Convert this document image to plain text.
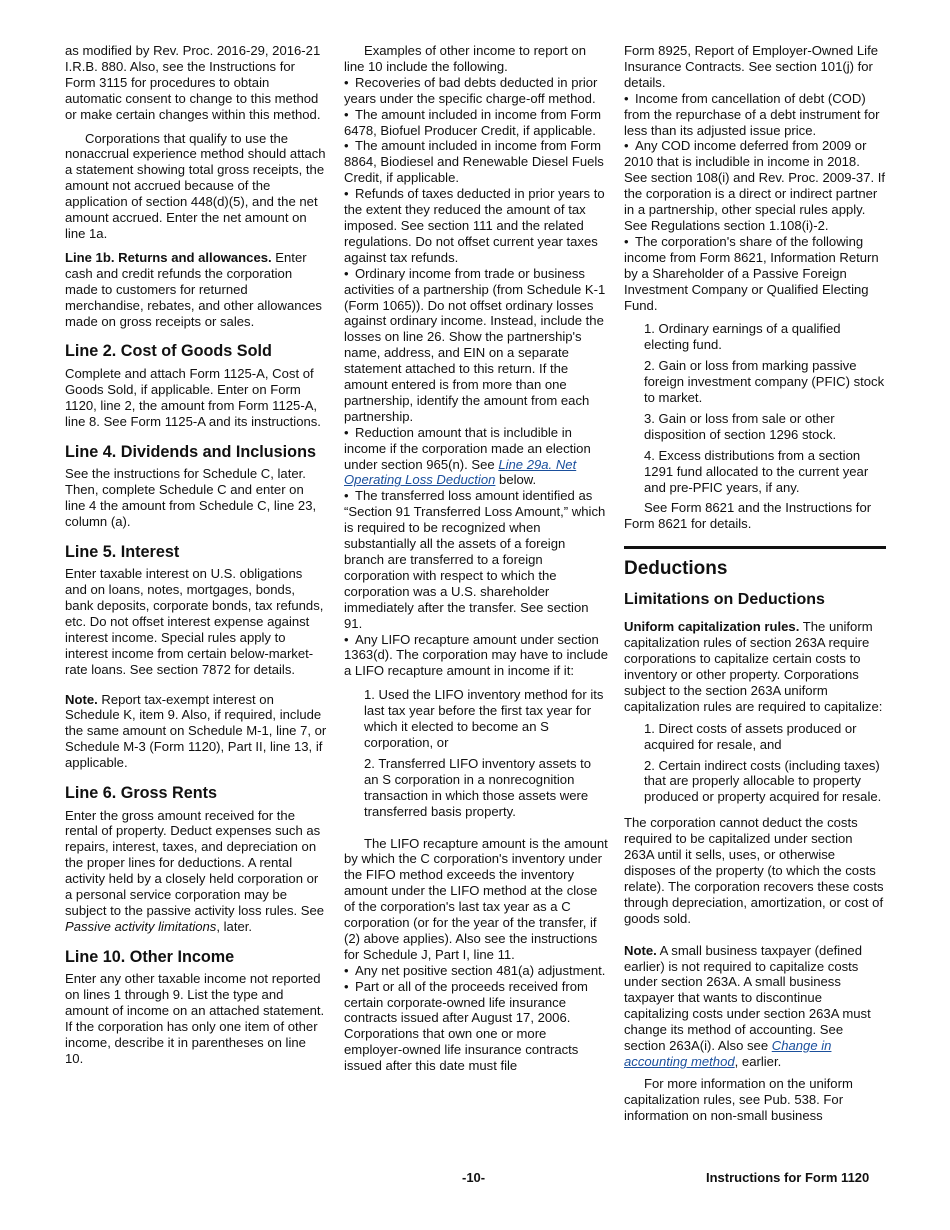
as modified by Rev. Proc. 2016-29, 2016-21 I.R.B. 880. Also, see the Instructions for Form 3115 for procedures to obtain automatic consent to change to this method or make certain changes within this method.

Corporations that qualify to use the nonaccrual experience method should attach a statement showing total gross receipts, the amount not accrued because of the application of section 448(d)(5), and the net amount accrued. Enter the net amount on line 1a.

Line 1b. Returns and allowances. Enter cash and credit refunds the corporation made to customers for returned merchandise, rebates, and other allowances made on gross receipts or sales.

Line 2. Cost of Goods Sold

Complete and attach Form 1125-A, Cost of Goods Sold, if applicable. Enter on Form 1120, line 2, the amount from Form 1125-A, line 8. See Form 1125-A and its instructions.

Line 4. Dividends and Inclusions

See the instructions for Schedule C, later. Then, complete Schedule C and enter on line 4 the amount from Schedule C, line 23, column (a).

Line 5. Interest

Enter taxable interest on U.S. obligations and on loans, notes, mortgages, bonds, bank deposits, corporate bonds, tax refunds, etc. Do not offset interest expense against interest income. Special rules apply to interest income from certain below-market-rate loans. See section 7872 for details.

Note. Report tax-exempt interest on Schedule K, item 9. Also, if required, include the same amount on Schedule M-1, line 7, or Schedule M-3 (Form 1120), Part II, line 13, if applicable.

Line 6. Gross Rents

Enter the gross amount received for the rental of property. Deduct expenses such as repairs, interest, taxes, and depreciation on the proper lines for deductions. A rental activity held by a closely held corporation or a personal service corporation may be subject to the passive activity loss rules. See Passive activity limitations, later.

Line 10. Other Income

Enter any other taxable income not reported on lines 1 through 9. List the type and amount of income on an attached statement. If the corporation has only one item of other income, describe it in parentheses on line 10.

Examples of other income to report on line 10 include the following.

• Recoveries of bad debts deducted in prior years under the specific charge-off method.

• The amount included in income from Form 6478, Biofuel Producer Credit, if applicable.

• The amount included in income from Form 8864, Biodiesel and Renewable Diesel Fuels Credit, if applicable.

• Refunds of taxes deducted in prior years to the extent they reduced the amount of tax imposed. See section 111 and the related regulations. Do not offset current year taxes against tax refunds.

• Ordinary income from trade or business activities of a partnership (from Schedule K-1 (Form 1065)). Do not offset ordinary losses against ordinary income. Instead, include the losses on line 26. Show the partnership's name, address, and EIN on a separate statement attached to this return. If the amount entered is from more than one partnership, identify the amount from each partnership.

• Reduction amount that is includible in income if the corporation made an election under section 965(n). See Line 29a. Net Operating Loss Deduction below.

• The transferred loss amount identified as “Section 91 Transferred Loss Amount,” which is required to be recognized when substantially all the assets of a foreign branch are transferred to a foreign corporation with respect to which the corporation was a U.S. shareholder immediately after the transfer. See section 91.

• Any LIFO recapture amount under section 1363(d). The corporation may have to include a LIFO recapture amount in income if it:

1. Used the LIFO inventory method for its last tax year before the first tax year for which it elected to become an S corporation, or

2. Transferred LIFO inventory assets to an S corporation in a nonrecognition transaction in which those assets were transferred basis property.

The LIFO recapture amount is the amount by which the C corporation's inventory under the FIFO method exceeds the inventory amount under the LIFO method at the close of the corporation's last tax year as a C corporation (or for the year of the transfer, if (2) above applies). Also see the instructions for Schedule J, Part I, line 11.

• Any net positive section 481(a) adjustment.

• Part or all of the proceeds received from certain corporate-owned life insurance contracts issued after August 17, 2006. Corporations that own one or more employer-owned life insurance contracts issued after this date must file

Form 8925, Report of Employer-Owned Life Insurance Contracts. See section 101(j) for details.

• Income from cancellation of debt (COD) from the repurchase of a debt instrument for less than its adjusted issue price.

• Any COD income deferred from 2009 or 2010 that is includible in income in 2018. See section 108(i) and Rev. Proc. 2009-37. If the corporation is a direct or indirect partner in a partnership, other special rules apply. See Regulations section 1.108(i)-2.

• The corporation's share of the following income from Form 8621, Information Return by a Shareholder of a Passive Foreign Investment Company or Qualified Electing Fund.

1. Ordinary earnings of a qualified electing fund.

2. Gain or loss from marking passive foreign investment company (PFIC) stock to market.

3. Gain or loss from sale or other disposition of section 1296 stock.

4. Excess distributions from a section 1291 fund allocated to the current year and pre-PFIC years, if any.

See Form 8621 and the Instructions for Form 8621 for details.

Deductions
Limitations on Deductions

Uniform capitalization rules. The uniform capitalization rules of section 263A require corporations to capitalize certain costs to inventory or other property. Corporations subject to the section 263A uniform capitalization rules are required to capitalize:

1. Direct costs of assets produced or acquired for resale, and

2. Certain indirect costs (including taxes) that are properly allocable to property produced or property acquired for resale.

The corporation cannot deduct the costs required to be capitalized under section 263A until it sells, uses, or otherwise disposes of the property (to which the costs relate). The corporation recovers these costs through depreciation, amortization, or cost of goods sold.

Note. A small business taxpayer (defined earlier) is not required to capitalize costs under section 263A. A small business taxpayer that wants to discontinue capitalizing costs under section 263A must change its method of accounting. See section 263A(i). Also see Change in accounting method, earlier.

For more information on the uniform capitalization rules, see Pub. 538. For information on non-small business

-10-	Instructions for Form 1120
